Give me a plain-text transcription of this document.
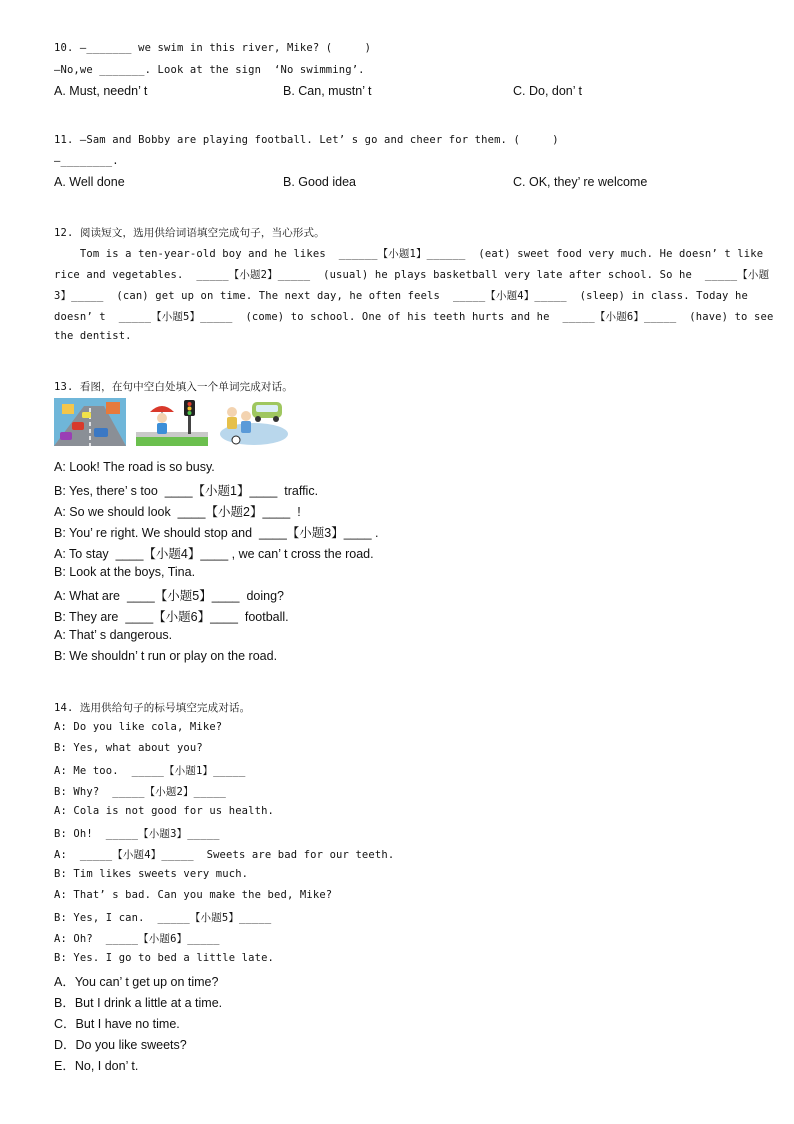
10. —_______ we swim in this river, Mike? (     )
—No,we _______. Look at the sign  ‘No swimming’.
A. Must, needn’ t	B. Can, mustn’ t	C. Do, don’ t
11. —Sam and Bobby are playing football. Let’ s go and cheer for them. (     )
—________.
A. Well done	B. Good idea	C. OK, they’ re welcome
12. 阅读短文，选用供给词语填空完成句子，当心形式。
Tom is a ten-year-old boy and he likes  ______【小题1】______  (eat) sweet food very much. He doesn’ t like
rice and vegetables.  _____【小题2】_____  (usual) he plays basketball very late after school. So he  _____【小题
3】_____  (can) get up on time. The next day, he often feels  _____【小题4】_____  (sleep) in class. Today he
doesn’ t  _____【小题5】_____  (come) to school. One of his teeth hurts and he  _____【小题6】_____  (have) to see
the dentist.
13. 看图，在句中空白处填入一个单词完成对话。
A: Look! The road is so busy.
B: Yes, there’ s too  ____【小题1】____  traffic.
A: So we should look  ____【小题2】____  !
B: You’ re right. We should stop and  ____【小题3】____ .
A: To stay  ____【小题4】____ , we can’ t cross the road.
B: Look at the boys, Tina.
A: What are  ____【小题5】____  doing?
B: They are  ____【小题6】____  football.
A: That’ s dangerous.
B: We shouldn’ t run or play on the road.
14. 选用供给句子的标号填空完成对话。
A: Do you like cola, Mike?
B: Yes, what about you?
A: Me too.  _____【小题1】_____
B: Why?  _____【小题2】_____
A: Cola is not good for us health.
B: Oh!  _____【小题3】_____
A:  _____【小题4】_____  Sweets are bad for our teeth.
B: Tim likes sweets very much.
A: That’ s bad. Can you make the bed, Mike?
B: Yes, I can.  _____【小题5】_____
A: Oh?  _____【小题6】_____
B: Yes. I go to bed a little late.
A．You can’ t get up on time?
B．But I drink a little at a time.
C．But I have no time.
D．Do you like sweets?
E．No, I don’ t.
